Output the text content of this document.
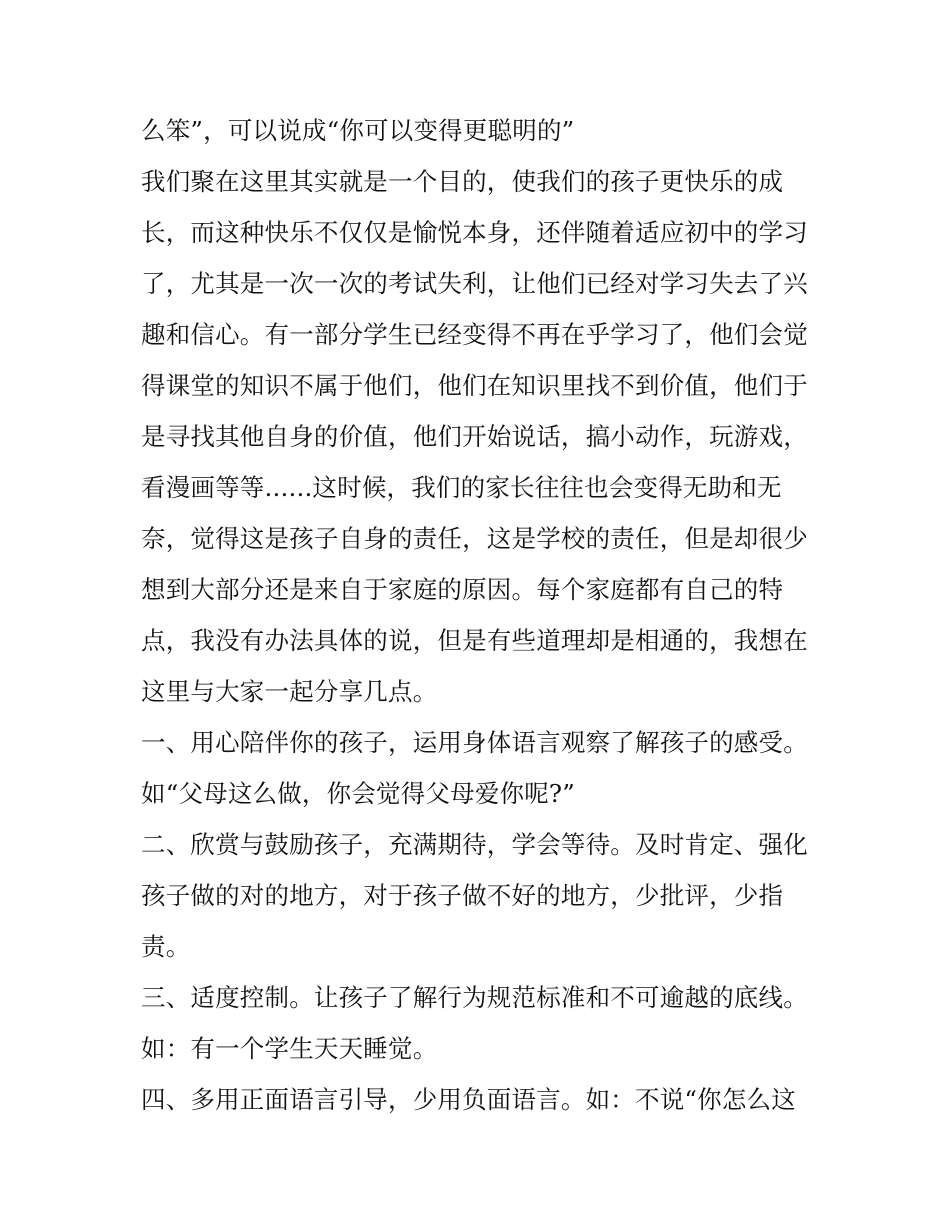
么笨”，可以说成“你可以变得更聪明的”
我们聚在这里其实就是一个目的，使我们的孩子更快乐的成
长，而这种快乐不仅仅是愉悦本身，还伴随着适应初中的学习
了，尤其是一次一次的考试失利，让他们已经对学习失去了兴
趣和信心。有一部分学生已经变得不再在乎学习了，他们会觉
得课堂的知识不属于他们，他们在知识里找不到价值，他们于
是寻找其他自身的价值，他们开始说话，搞小动作，玩游戏，
看漫画等等......这时候，我们的家长往往也会变得无助和无
奈，觉得这是孩子自身的责任，这是学校的责任，但是却很少
想到大部分还是来自于家庭的原因。每个家庭都有自己的特
点，我没有办法具体的说，但是有些道理却是相通的，我想在
这里与大家一起分享几点。
一、用心陪伴你的孩子，运用身体语言观察了解孩子的感受。
如“父母这么做，你会觉得父母爱你呢?”
二、欣赏与鼓励孩子，充满期待，学会等待。及时肯定、强化
孩子做的对的地方，对于孩子做不好的地方，少批评，少指
责。
三、适度控制。让孩子了解行为规范标准和不可逾越的底线。
如：有一个学生天天睡觉。
四、多用正面语言引导，少用负面语言。如：不说“你怎么这
